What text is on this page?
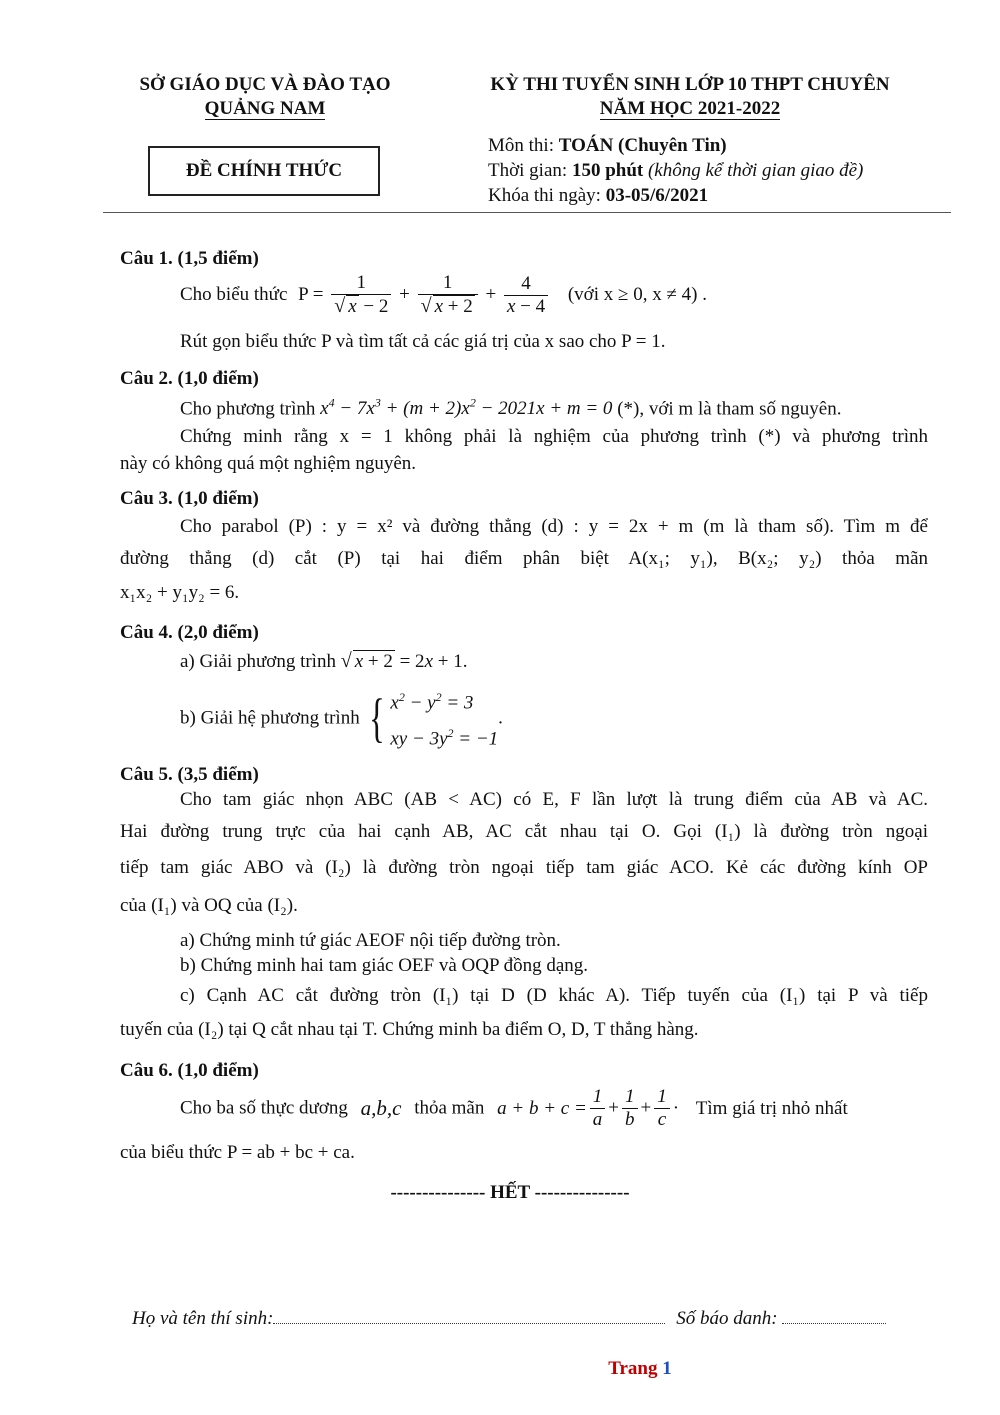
SỞ GIÁO DỤC VÀ ĐÀO TẠO
QUẢNG NAM
ĐỀ CHÍNH THỨC
KỲ THI TUYỂN SINH LỚP 10 THPT CHUYÊN
NĂM HỌC 2021-2022
Môn thi: TOÁN (Chuyên Tin)
Thời gian: 150 phút (không kể thời gian giao đề)
Khóa thi ngày: 03-05/6/2021
Câu 1. (1,5 điểm)
Cho biểu thức $P = \frac{1}{√ x - 2} + \frac{1}{√ x + 2} + \frac{4}{x - 4}$ (với x ≥ 0, x ≠ 4) .
Rút gọn biểu thức P và tìm tất cả các giá trị của x sao cho P = 1.
Câu 2. (1,0 điểm)
Cho phương trình $x^4 - 7x^3 + (m + 2)x^2 - 2021x + m = 0$ (*), với m là tham số nguyên.
Chứng minh rằng x = 1 không phải là nghiệm của phương trình (*) và phương trình
này có không quá một nghiệm nguyên.
Câu 3. (1,0 điểm)
Cho parabol (P) : y = x² và đường thẳng (d) : y = 2x + m (m là tham số). Tìm m để
đường thẳng (d) cắt (P) tại hai điểm phân biệt A(x₁; y₁), B(x₂; y₂) thỏa mãn
x₁x₂ + y₁y₂ = 6.
Câu 4. (2,0 điểm)
a) Giải phương trình √ x + 2 = 2x + 1.
b) Giải hệ phương trình { $x^2 - y^2 = 3$
xy − $3y^2 = -1$.
Câu 5. (3,5 điểm)
Cho tam giác nhọn ABC (AB < AC) có E, F lần lượt là trung điểm của AB và AC.
Hai đường trung trực của hai cạnh AB, AC cắt nhau tại O. Gọi (I₁) là đường tròn ngoại
tiếp tam giác ABO và (I₂) là đường tròn ngoại tiếp tam giác ACO. Kẻ các đường kính OP
của (I₁) và OQ của (I₂).
a) Chứng minh tứ giác AEOF nội tiếp đường tròn.
b) Chứng minh hai tam giác OEF và OQP đồng dạng.
c) Cạnh AC cắt đường tròn (I₁) tại D (D khác A). Tiếp tuyến của (I₁) tại P và tiếp
tuyến của (I₂) tại Q cắt nhau tại T. Chứng minh ba điểm O, D, T thẳng hàng.
Câu 6. (1,0 điểm)
Cho ba số thực dương a,b,c thỏa mãn $a + b + c = \frac{1}{a} + \frac{1}{b} + \frac{1}{c}$ · Tìm giá trị nhỏ nhất
của biểu thức P = ab + bc + ca.
--------------- HẾT ---------------
Họ và tên thí sinh:	Số báo danh:
Trang 1
